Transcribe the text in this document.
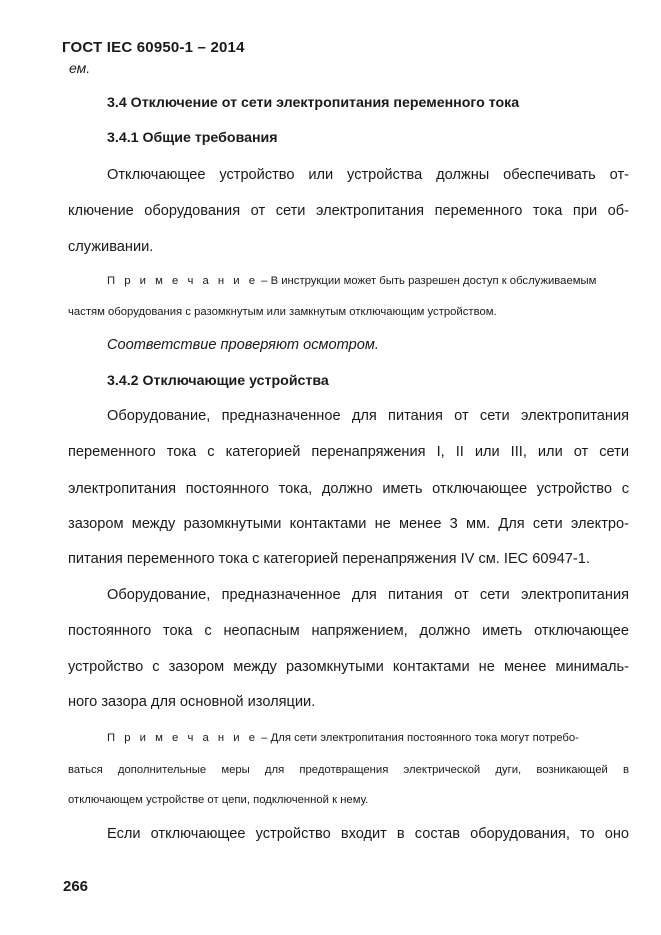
ГОСТ IEC 60950-1 – 2014
ем.
3.4 Отключение от сети электропитания переменного тока
3.4.1 Общие требования
Отключающее устройство или устройства должны обеспечивать от-
ключение оборудования от сети электропитания переменного тока при об-
служивании.
П р и м е ч а н и е – В инструкции может быть разрешен доступ к обслуживаемым
частям оборудования с разомкнутым или замкнутым отключающим устройством.
Соответствие проверяют осмотром.
3.4.2 Отключающие устройства
Оборудование, предназначенное для питания от сети электропитания
переменного тока с категорией перенапряжения I, II или III, или от сети
электропитания постоянного тока, должно иметь отключающее устройство с
зазором между разомкнутыми контактами не менее 3 мм. Для сети электро-
питания переменного тока с категорией перенапряжения IV см. IEC 60947-1.
Оборудование, предназначенное для питания от сети электропитания
постоянного тока с неопасным напряжением, должно иметь отключающее
устройство с зазором между разомкнутыми контактами не менее минималь-
ного зазора для основной изоляции.
П р и м е ч а н и е – Для сети электропитания постоянного тока могут потребо-
ваться дополнительные меры для предотвращения электрической дуги, возникающей в
отключающем устройстве от цепи, подключенной к нему.
Если отключающее устройство входит в состав оборудования, то оно
266
